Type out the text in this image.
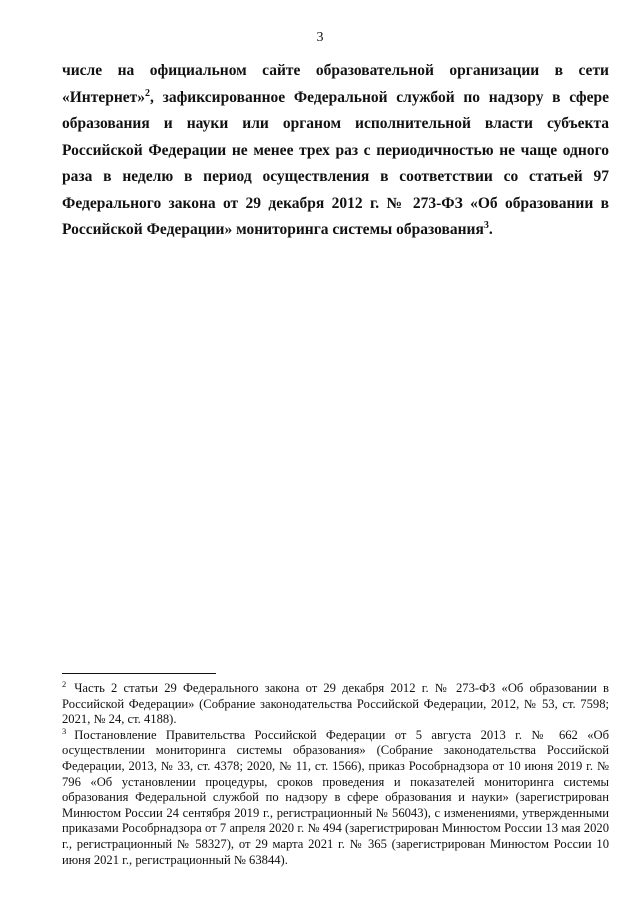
3

числе на официальном сайте образовательной организации в сети «Интернет»$^2$, зафиксированное Федеральной службой по надзору в сфере образования и науки или органом исполнительной власти субъекта Российской Федерации не менее трех раз с периодичностью не чаще одного раза в неделю в период осуществления в соответствии со статьей 97 Федерального закона от 29 декабря 2012 г. № 273-ФЗ «Об образовании в Российской Федерации» мониторинга системы образования$^3$.

$^2$ Часть 2 статьи 29 Федерального закона от 29 декабря 2012 г. № 273-ФЗ «Об образовании в Российской Федерации» (Собрание законодательства Российской Федерации, 2012, № 53, ст. 7598; 2021, № 24, ст. 4188).

$^3$ Постановление Правительства Российской Федерации от 5 августа 2013 г. № 662 «Об осуществлении мониторинга системы образования» (Собрание законодательства Российской Федерации, 2013, № 33, ст. 4378; 2020, № 11, ст. 1566), приказ Рособрнадзора от 10 июня 2019 г. № 796 «Об установлении процедуры, сроков проведения и показателей мониторинга системы образования Федеральной службой по надзору в сфере образования и науки» (зарегистрирован Минюстом России 24 сентября 2019 г., регистрационный № 56043), с изменениями, утвержденными приказами Рособрнадзора от 7 апреля 2020 г. № 494 (зарегистрирован Минюстом России 13 мая 2020 г., регистрационный № 58327), от 29 марта 2021 г. № 365 (зарегистрирован Минюстом России 10 июня 2021 г., регистрационный № 63844).
